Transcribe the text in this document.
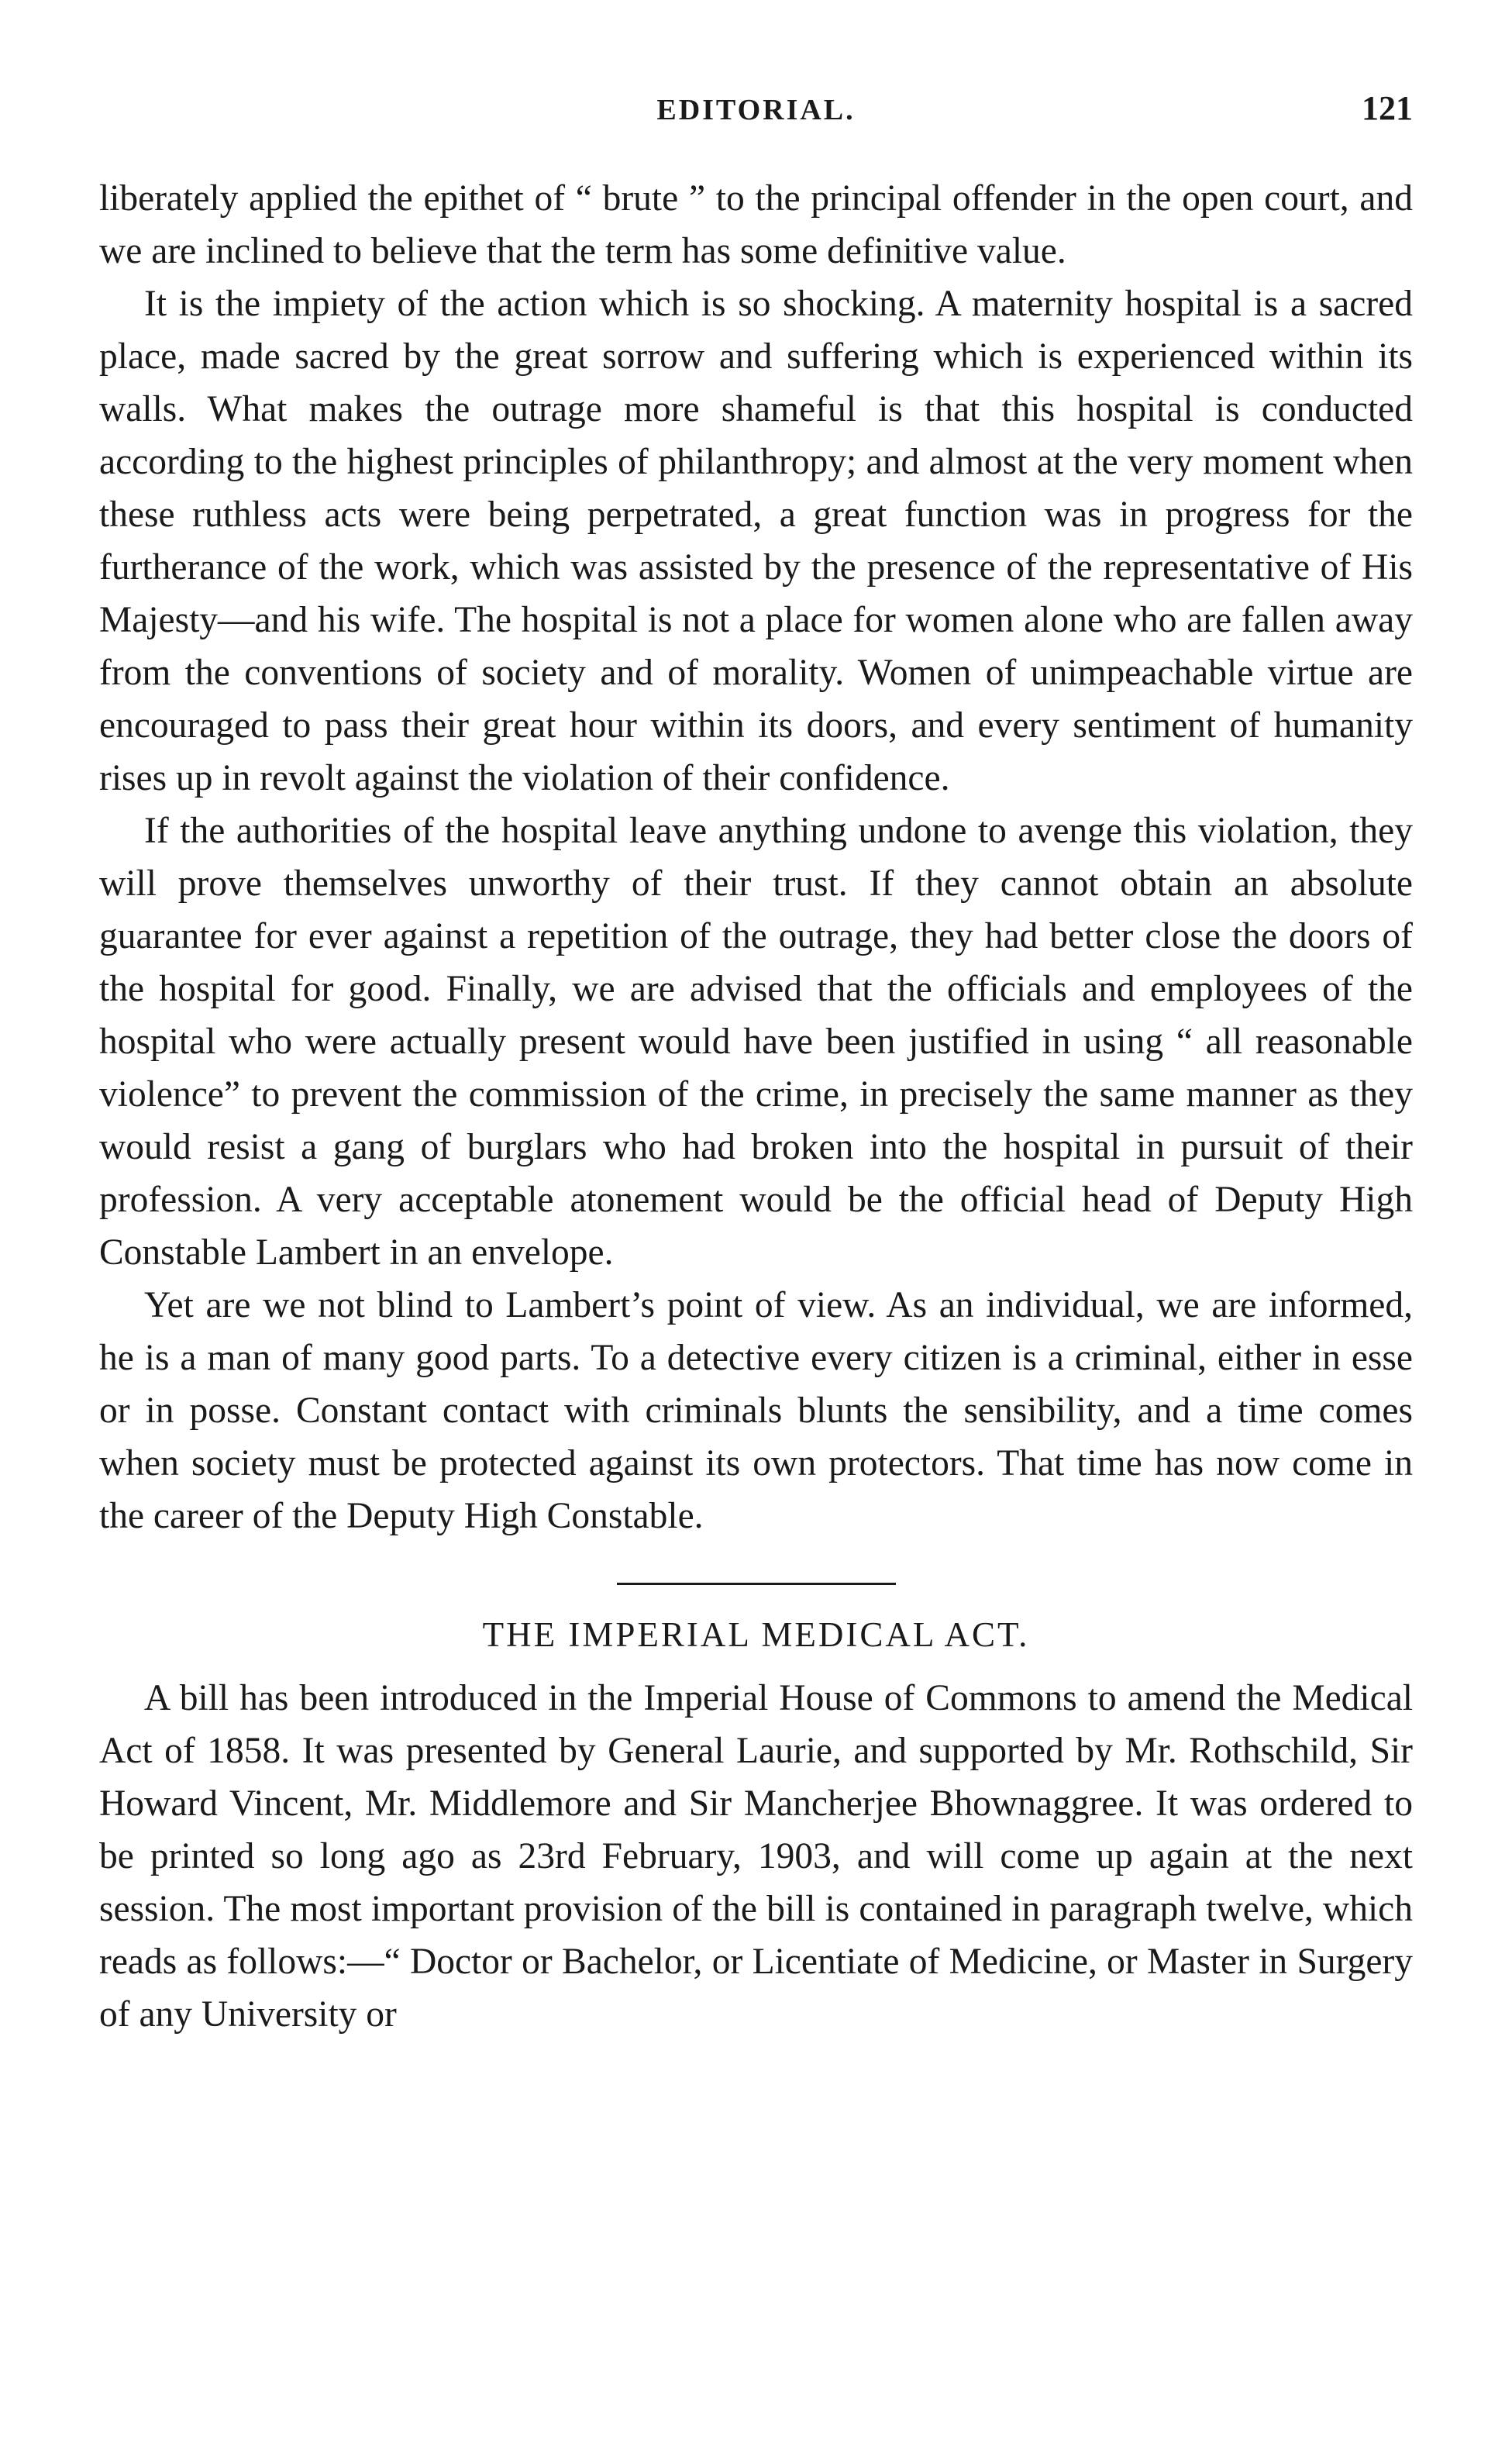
EDITORIAL.	121

liberately applied the epithet of “ brute ” to the principal offender in the open court, and we are inclined to believe that the term has some definitive value.

It is the impiety of the action which is so shocking. A maternity hospital is a sacred place, made sacred by the great sorrow and suffering which is experienced within its walls. What makes the outrage more shameful is that this hospital is conducted according to the highest principles of philanthropy; and almost at the very moment when these ruthless acts were being perpetrated, a great function was in progress for the furtherance of the work, which was assisted by the presence of the representative of His Majesty—and his wife. The hospital is not a place for women alone who are fallen away from the conventions of society and of morality. Women of unimpeachable virtue are encouraged to pass their great hour within its doors, and every sentiment of humanity rises up in revolt against the violation of their confidence.

If the authorities of the hospital leave anything undone to avenge this violation, they will prove themselves unworthy of their trust. If they cannot obtain an absolute guarantee for ever against a repetition of the outrage, they had better close the doors of the hospital for good. Finally, we are advised that the officials and employees of the hospital who were actually present would have been justified in using “ all reasonable violence” to prevent the commission of the crime, in precisely the same manner as they would resist a gang of burglars who had broken into the hospital in pursuit of their profession. A very acceptable atonement would be the official head of Deputy High Constable Lambert in an envelope.

Yet are we not blind to Lambert’s point of view. As an individual, we are informed, he is a man of many good parts. To a detective every citizen is a criminal, either in esse or in posse. Constant contact with criminals blunts the sensibility, and a time comes when society must be protected against its own protectors. That time has now come in the career of the Deputy High Constable.

THE IMPERIAL MEDICAL ACT.

A bill has been introduced in the Imperial House of Commons to amend the Medical Act of 1858. It was presented by General Laurie, and supported by Mr. Rothschild, Sir Howard Vincent, Mr. Middlemore and Sir Mancherjee Bhownaggree. It was ordered to be printed so long ago as 23rd February, 1903, and will come up again at the next session. The most important provision of the bill is contained in paragraph twelve, which reads as follows:—“ Doctor or Bachelor, or Licentiate of Medicine, or Master in Surgery of any University or
